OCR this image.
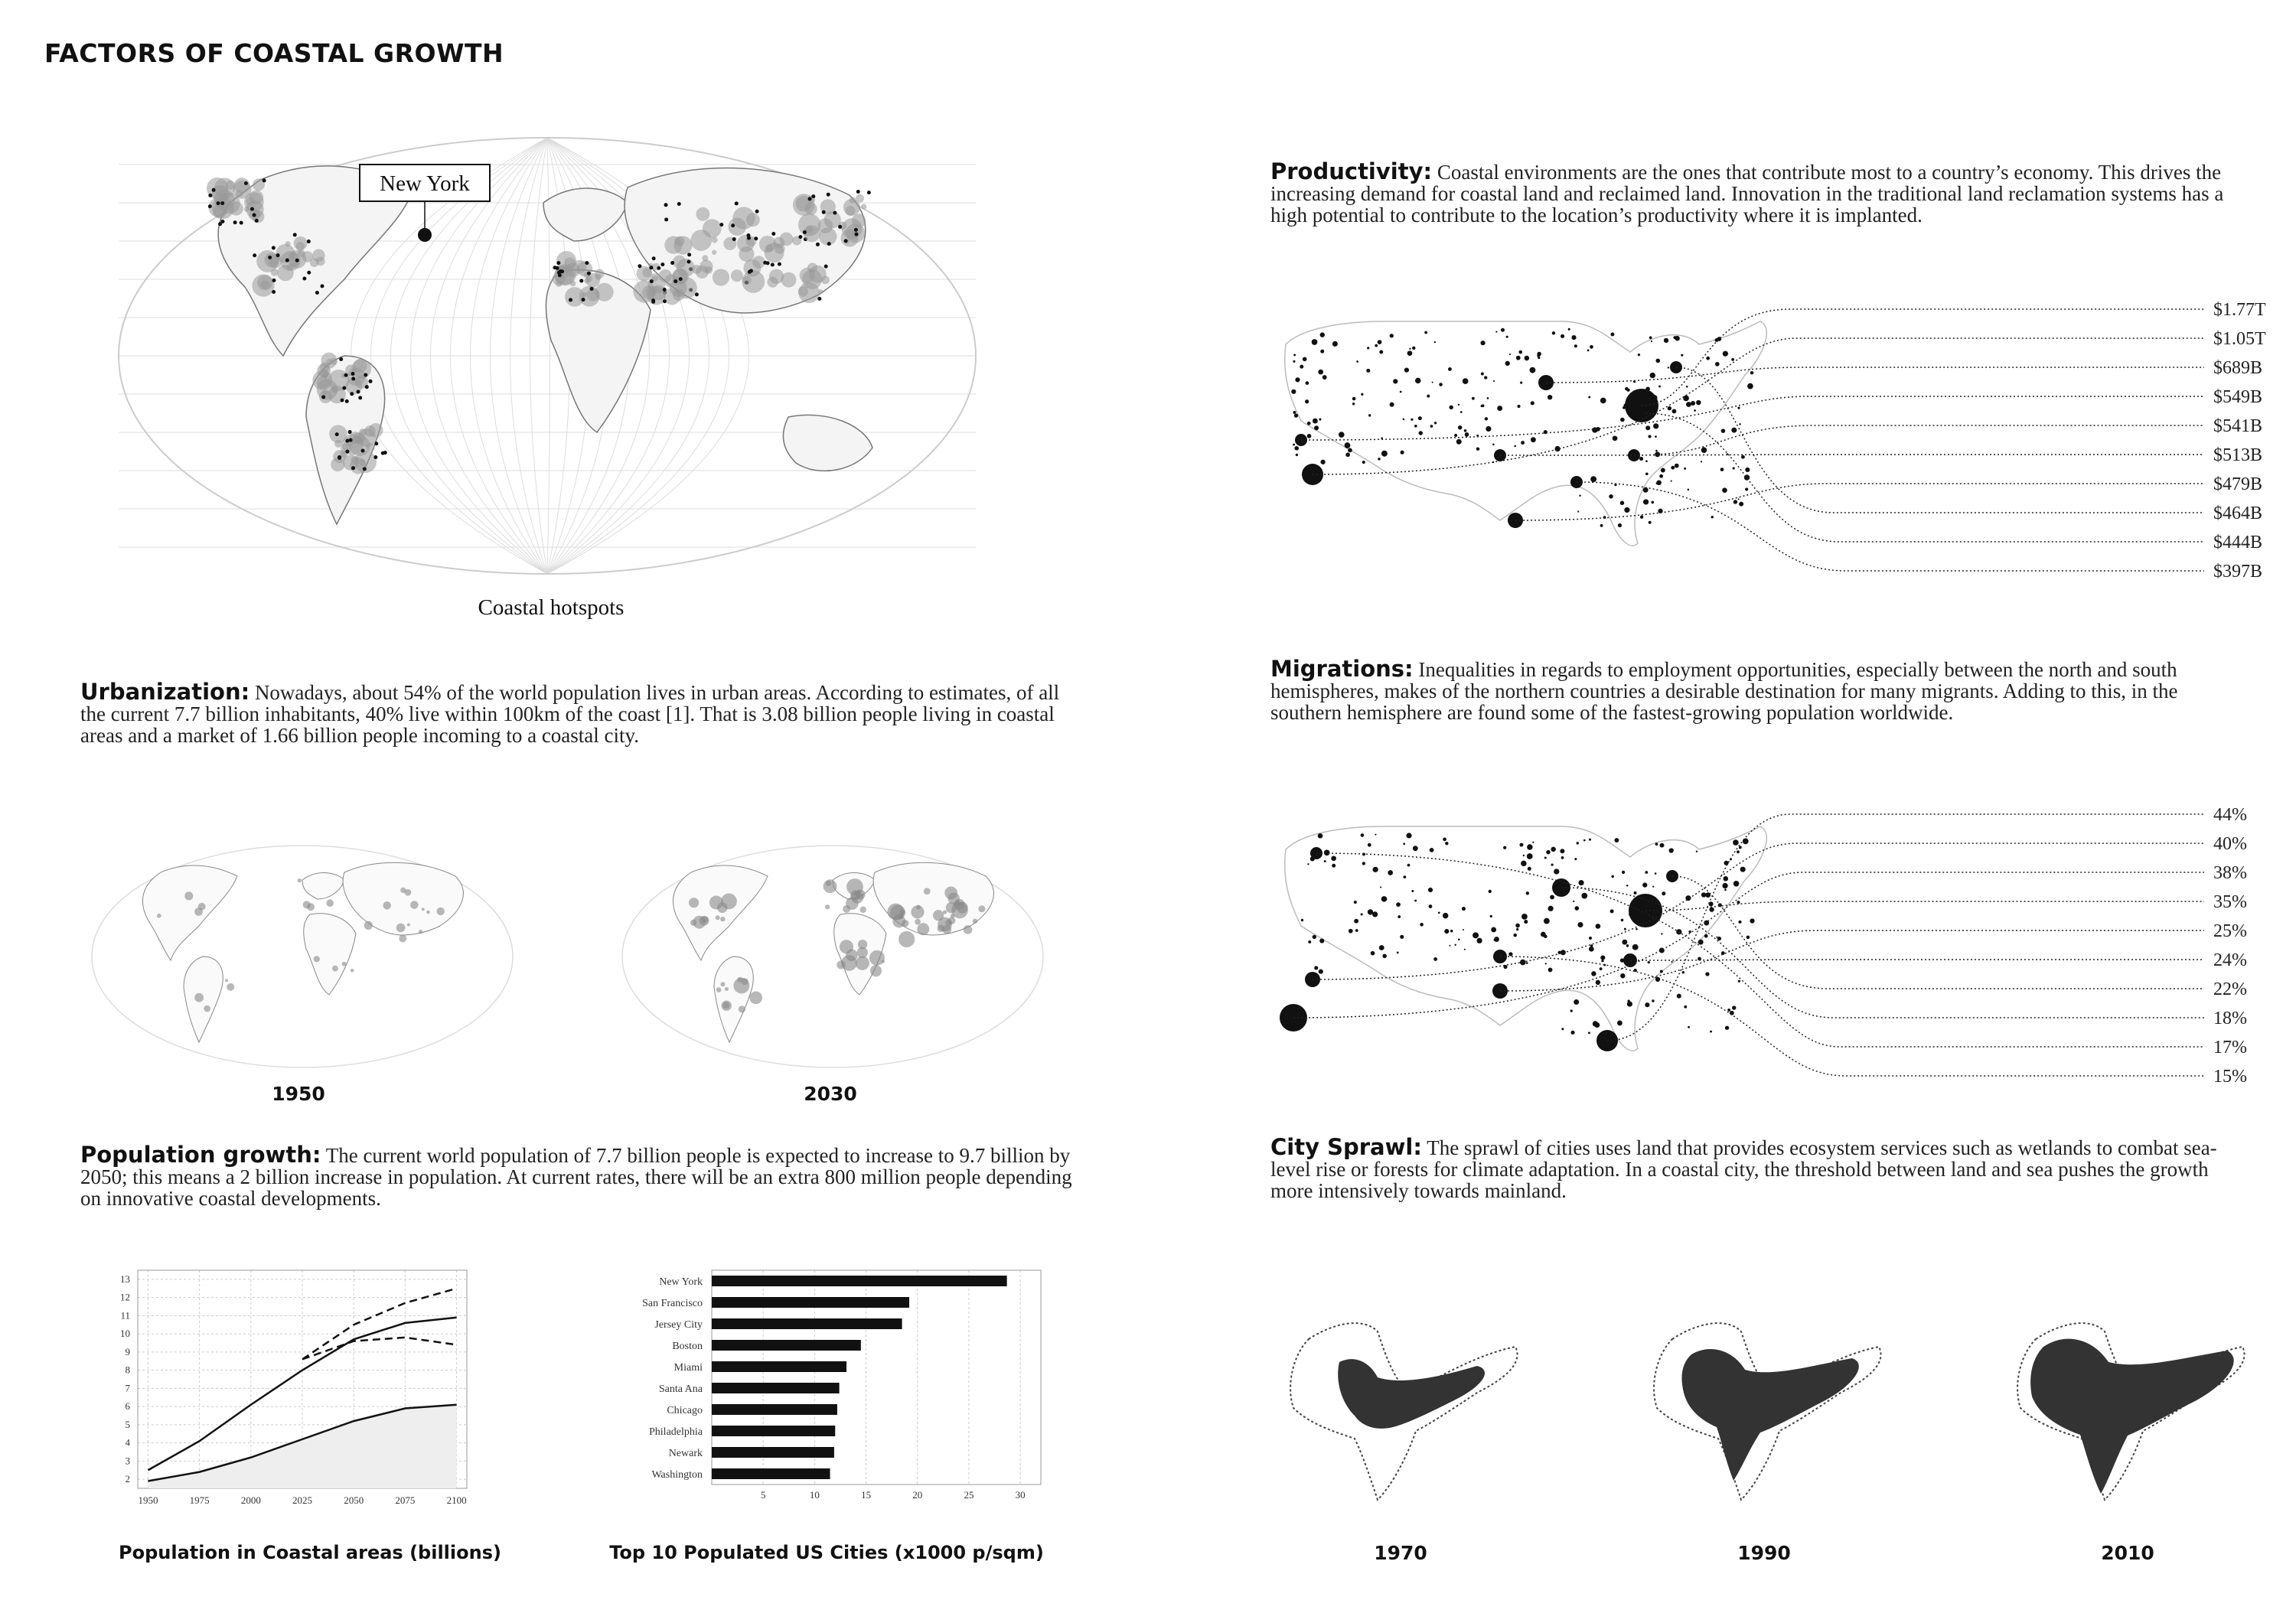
FACTORS OF COASTAL GROWTH
New York
Coastal hotspots
Urbanization: Nowadays, about 54% of the world population lives in urban areas. According to estimates, of all the current 7.7 billion inhabitants, 40% live within 100km of the coast [1]. That is 3.08 billion people living in coastal areas and a market of 1.66 billion people incoming to a coastal city.
1950	2030
Population growth: The current world population of 7.7 billion people is expected to increase to 9.7 billion by 2050; this means a 2 billion increase in population. At current rates, there will be an extra 800 million people depending on innovative coastal developments.
2
3
4
5
6
7
8
9
10
11
12
13
1950	1975	2000	2025	2050	2075	2100
Population in Coastal areas (billions)
5	10	15	20	25	30
New York
San Francisco
Jersey City
Boston
Miami
Santa Ana
Chicago
Philadelphia
Newark
Washington
Top 10 Populated US Cities (x1000 p/sqm)
Productivity: Coastal environments are the ones that contribute most to a country’s economy. This drives the increasing demand for coastal land and reclaimed land. Innovation in the traditional land reclamation systems has a high potential to contribute to the location’s productivity where it is implanted.
$1.77T
$1.05T
$689B
$549B
$541B
$513B
$479B
$464B
$444B
$397B
Migrations: Inequalities in regards to employment opportunities, especially between the north and south hemispheres, makes of the northern countries a desirable destination for many migrants. Adding to this, in the southern hemisphere are found some of the fastest-growing population worldwide.
44%
40%
38%
35%
25%
24%
22%
18%
17%
15%
City Sprawl: The sprawl of cities uses land that provides ecosystem services such as wetlands to combat sea-level rise or forests for climate adaptation. In a coastal city, the threshold between land and sea pushes the growth more intensively towards mainland.
1970	1990	2010
